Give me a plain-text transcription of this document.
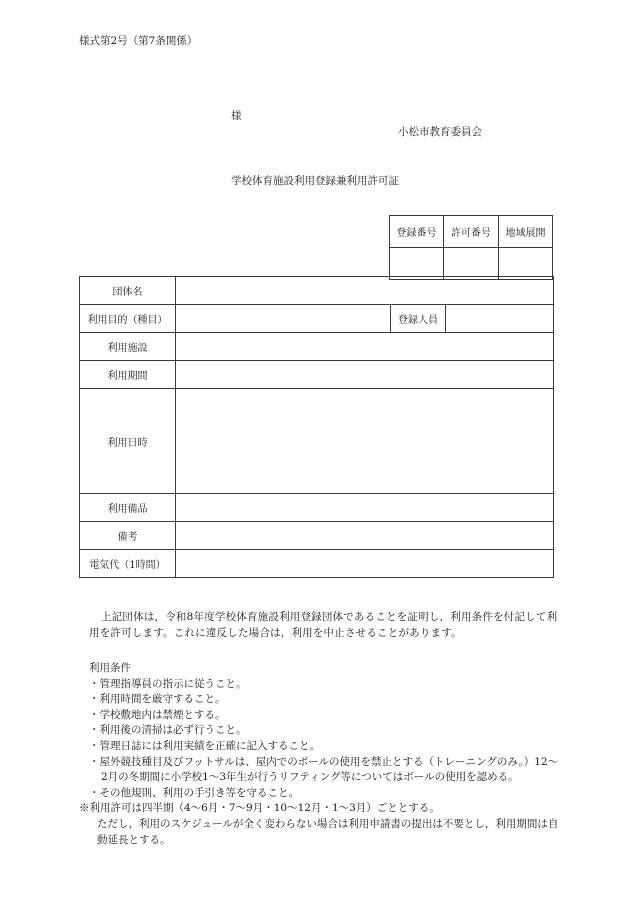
様式第2号（第7条関係）
様
小松市教育委員会
学校体育施設利用登録兼利用許可証
登録番号	許可番号	地域展開

団体名			
利用目的（種目）		登録人員	
利用施設			
利用期間			
利用日時			
利用備品			
備考			
電気代（1時間）			
上記団体は，令和8年度学校体育施設利用登録団体であることを証明し，利用条件を付記して利用を許可します。これに違反した場合は，利用を中止させることがあります。
利用条件
・管理指導員の指示に従うこと。
・利用時間を厳守すること。
・学校敷地内は禁煙とする。
・利用後の清掃は必ず行うこと。
・管理日誌には利用実績を正確に記入すること。
・屋外競技種目及びフットサルは、屋内でのボールの使用を禁止とする（トレーニングのみ。）12～2月の冬期間に小学校1～3年生が行うリフティング等についてはボールの使用を認める。
・その他規則、利用の手引き等を守ること。
※利用許可は四半期（4～6月・7～9月・10～12月・1～3月）ごととする。
ただし，利用のスケジュールが全く変わらない場合は利用申請書の提出は不要とし，利用期間は自動延長とする。
